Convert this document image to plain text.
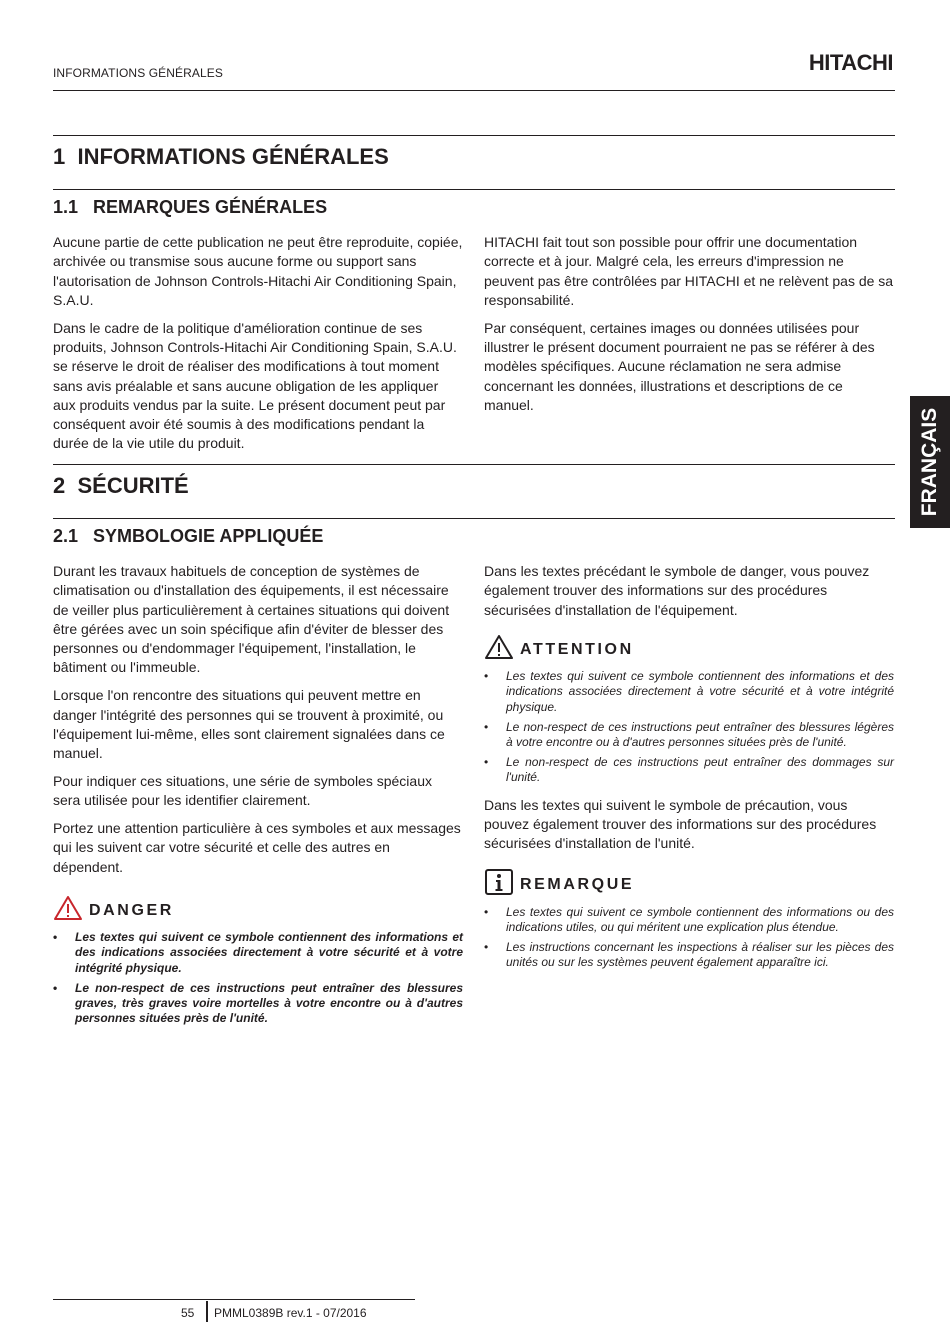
INFORMATIONS GÉNÉRALES	HITACHI
1 INFORMATIONS GÉNÉRALES
1.1 REMARQUES GÉNÉRALES

Aucune partie de cette publication ne peut être reproduite, copiée, archivée ou transmise sous aucune forme ou support sans l'autorisation de Johnson Controls-Hitachi Air Conditioning Spain, S.A.U.

Dans le cadre de la politique d'amélioration continue de ses produits, Johnson Controls-Hitachi Air Conditioning Spain, S.A.U. se réserve le droit de réaliser des modifications à tout moment sans avis préalable et sans aucune obligation de les appliquer aux produits vendus par la suite. Le présent document peut par conséquent avoir été soumis à des modifications pendant la durée de la vie utile du produit.

HITACHI fait tout son possible pour offrir une documentation correcte et à jour. Malgré cela, les erreurs d'impression ne peuvent pas être contrôlées par HITACHI et ne relèvent pas de sa responsabilité.

Par conséquent, certaines images ou données utilisées pour illustrer le présent document pourraient ne pas se référer à des modèles spécifiques. Aucune réclamation ne sera admise concernant les données, illustrations et descriptions de ce manuel.

2 SÉCURITÉ
2.1 SYMBOLOGIE APPLIQUÉE

Durant les travaux habituels de conception de systèmes de climatisation ou d'installation des équipements, il est nécessaire de veiller plus particulièrement à certaines situations qui doivent être gérées avec un soin spécifique afin d'éviter de blesser des personnes ou d'endommager l'équipement, l'installation, le bâtiment ou l'immeuble.

Lorsque l'on rencontre des situations qui peuvent mettre en danger l'intégrité des personnes qui se trouvent à proximité, ou l'équipement lui-même, elles sont clairement signalées dans ce manuel.

Pour indiquer ces situations, une série de symboles spéciaux sera utilisée pour les identifier clairement.

Portez une attention particulière à ces symboles et aux messages qui les suivent car votre sécurité et celle des autres en dépendent.

DANGER
• Les textes qui suivent ce symbole contiennent des informations et des indications associées directement à votre sécurité et à votre intégrité physique.
• Le non-respect de ces instructions peut entraîner des blessures graves, très graves voire mortelles à votre encontre ou à d'autres personnes situées près de l'unité.

Dans les textes précédant le symbole de danger, vous pouvez également trouver des informations sur des procédures sécurisées d'installation de l'équipement.

ATTENTION
• Les textes qui suivent ce symbole contiennent des informations et des indications associées directement à votre sécurité et à votre intégrité physique.
• Le non-respect de ces instructions peut entraîner des blessures légères à votre encontre ou à d'autres personnes situées près de l'unité.
• Le non-respect de ces instructions peut entraîner des dommages sur l'unité.

Dans les textes qui suivent le symbole de précaution, vous pouvez également trouver des informations sur des procédures sécurisées d'installation de l'unité.

REMARQUE
• Les textes qui suivent ce symbole contiennent des informations ou des indications utiles, ou qui méritent une explication plus étendue.
• Les instructions concernant les inspections à réaliser sur les pièces des unités ou sur les systèmes peuvent également apparaître ici.
FRANÇAIS
55 PMML0389B rev.1 - 07/2016
